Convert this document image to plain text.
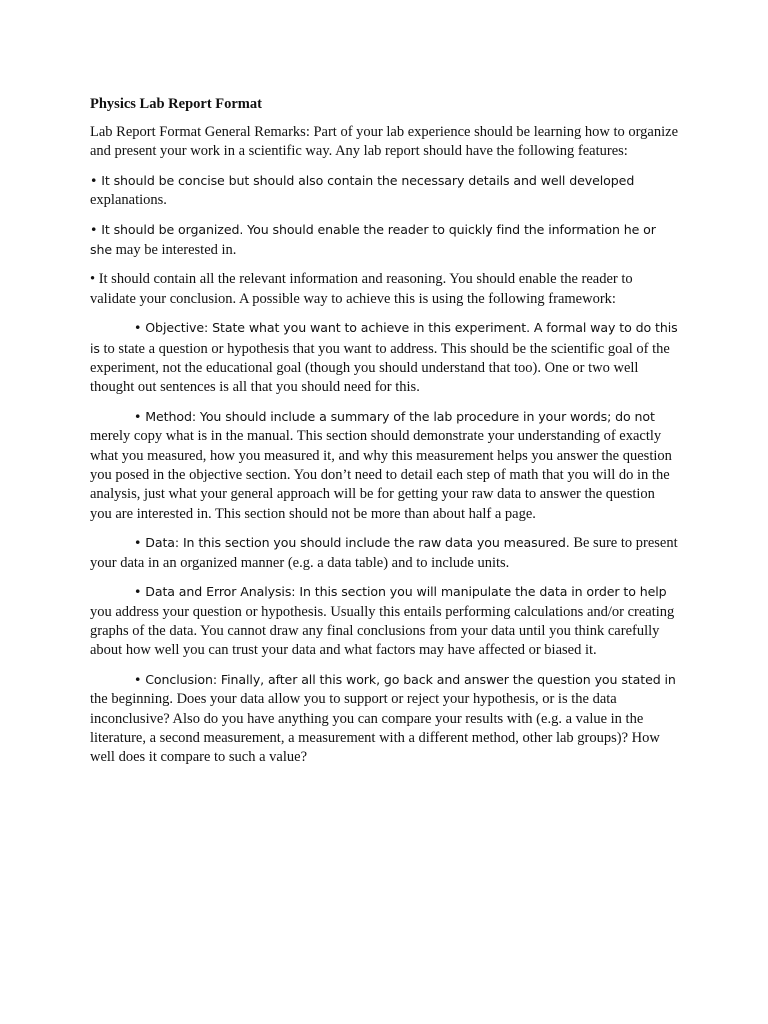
Physics Lab Report Format

Lab Report Format General Remarks: Part of your lab experience should be learning how to organize and present your work in a scientific way. Any lab report should have the following features:

• It should be concise but should also contain the necessary details and well developed explanations.

• It should be organized. You should enable the reader to quickly find the information he or she may be interested in.

• It should contain all the relevant information and reasoning. You should enable the reader to validate your conclusion. A possible way to achieve this is using the following framework:

• Objective: State what you want to achieve in this experiment. A formal way to do this is to state a question or hypothesis that you want to address. This should be the scientific goal of the experiment, not the educational goal (though you should understand that too). One or two well thought out sentences is all that you should need for this.

• Method: You should include a summary of the lab procedure in your words; do not merely copy what is in the manual. This section should demonstrate your understanding of exactly what you measured, how you measured it, and why this measurement helps you answer the question you posed in the objective section. You don’t need to detail each step of math that you will do in the analysis, just what your general approach will be for getting your raw data to answer the question you are interested in. This section should not be more than about half a page.

• Data: In this section you should include the raw data you measured. Be sure to present your data in an organized manner (e.g. a data table) and to include units.

• Data and Error Analysis: In this section you will manipulate the data in order to help you address your question or hypothesis. Usually this entails performing calculations and/or creating graphs of the data. You cannot draw any final conclusions from your data until you think carefully about how well you can trust your data and what factors may have affected or biased it.

• Conclusion: Finally, after all this work, go back and answer the question you stated in the beginning. Does your data allow you to support or reject your hypothesis, or is the data inconclusive? Also do you have anything you can compare your results with (e.g. a value in the literature, a second measurement, a measurement with a different method, other lab groups)? How well does it compare to such a value?
